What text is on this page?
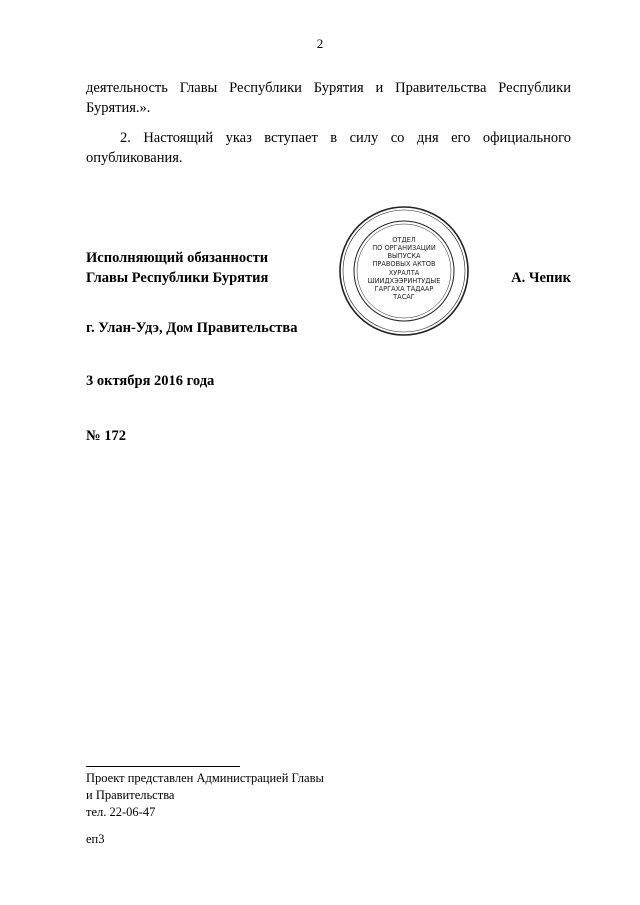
2
деятельность Главы Республики Бурятия и Правительства Республики Бурятия.».
2. Настоящий указ вступает в силу со дня его официального опубликования.
Исполняющий обязанности
Главы Республики Бурятия
ОТДЕЛ
ПО ОРГАНИЗАЦИИ
ВЫПУСКА
ПРАВОВЫХ АКТОВ
ХУРАЛТА
ШИИДХЭЭРИНТУДЫЕ
ГАРГАХА ТАДААР
ТАСАГ
А. Чепик
г. Улан-Удэ, Дом Правительства
3 октября 2016 года
№ 172
Проект представлен Администрацией Главы
и Правительства
тел. 22-06-47
еп3
